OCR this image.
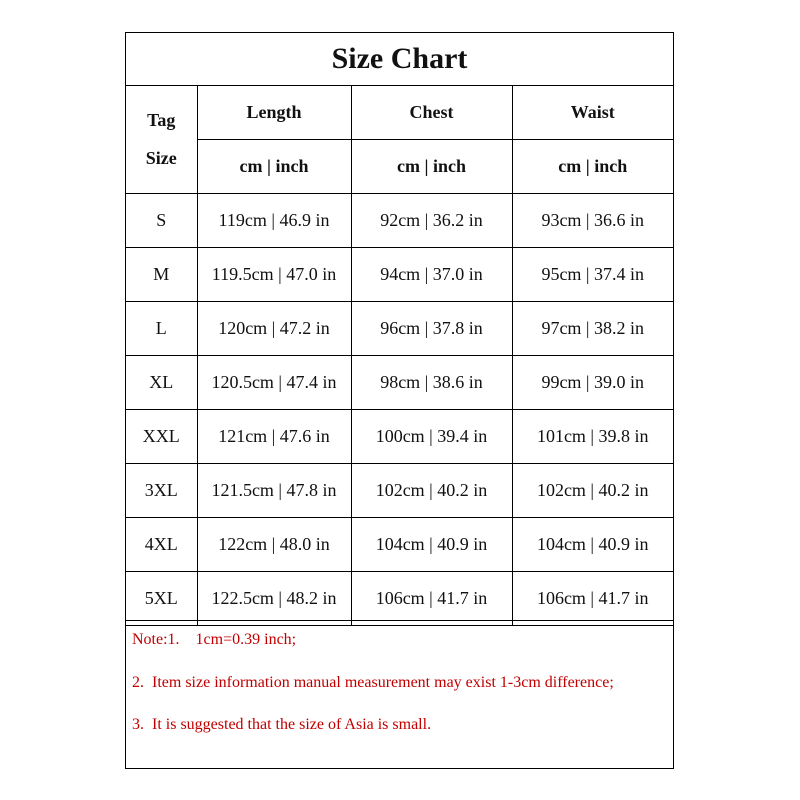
Size Chart
Tag
Size	Length	Chest	Waist
	cm | inch	cm | inch	cm | inch
S	119cm | 46.9 in	92cm | 36.2 in	93cm | 36.6 in
M	119.5cm | 47.0 in	94cm | 37.0 in	95cm | 37.4 in
L	120cm | 47.2 in	96cm | 37.8 in	97cm | 38.2 in
XL	120.5cm | 47.4 in	98cm | 38.6 in	99cm | 39.0 in
XXL	121cm | 47.6 in	100cm | 39.4 in	101cm | 39.8 in
3XL	121.5cm | 47.8 in	102cm | 40.2 in	102cm | 40.2 in
4XL	122cm | 48.0 in	104cm | 40.9 in	104cm | 40.9 in
5XL	122.5cm | 48.2 in	106cm | 41.7 in	106cm | 41.7 in
Note:1.    1cm=0.39 inch;
2.  Item size information manual measurement may exist 1-3cm difference;
3.  It is suggested that the size of Asia is small.
